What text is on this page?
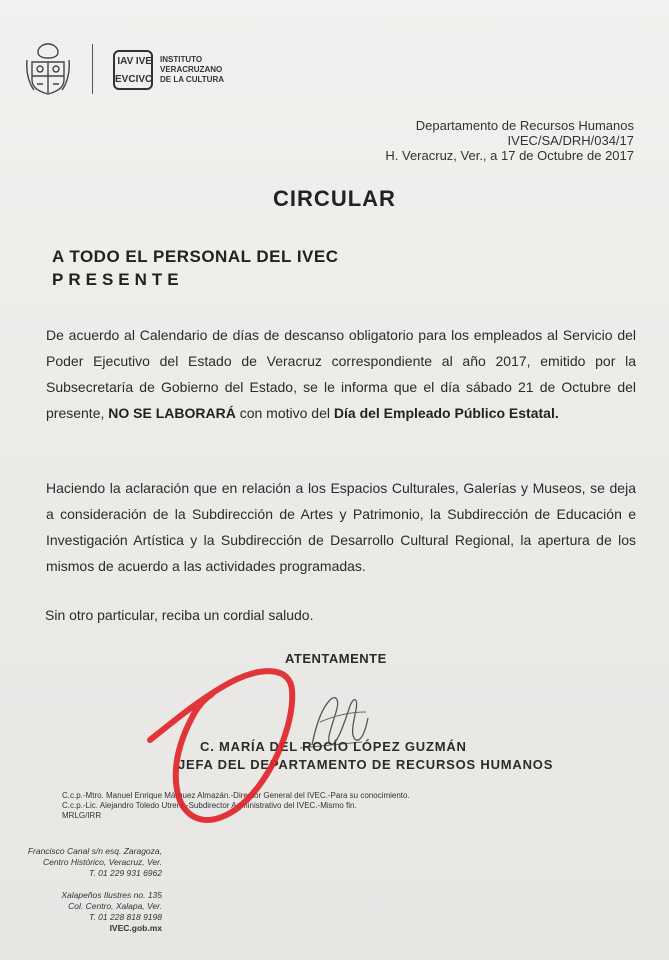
IAV IVE
EVC IVC
INSTITUTO
VERACRUZANO
DE LA CULTURA
Departamento de Recursos Humanos
IVEC/SA/DRH/034/17
H. Veracruz, Ver., a 17 de Octubre de 2017
CIRCULAR
A TODO EL PERSONAL DEL IVEC
PRESENTE
De acuerdo al Calendario de días de descanso obligatorio para los empleados al Servicio del Poder Ejecutivo del Estado de Veracruz correspondiente al año 2017, emitido por la Subsecretaría de Gobierno del Estado, se le informa que el día sábado 21 de Octubre del presente, NO SE LABORARÁ con motivo del Día del Empleado Público Estatal.
Haciendo la aclaración que en relación a los Espacios Culturales, Galerías y Museos, se deja a consideración de la Subdirección de Artes y Patrimonio, la Subdirección de Educación e Investigación Artística y la Subdirección de Desarrollo Cultural Regional, la apertura de los mismos de acuerdo a las actividades programadas.
Sin otro particular, reciba un cordial saludo.
ATENTAMENTE
C. MARÍA DEL ROCÍO LÓPEZ GUZMÁN
JEFA DEL DEPARTAMENTO DE RECURSOS HUMANOS
C.c.p.-Mtro. Manuel Enrique Márquez Almazán.-Director General del IVEC.-Para su conocimiento.
C.c.p.-Lic. Alejandro Toledo Utrera.-Subdirector Administrativo del IVEC.-Mismo fin.
MRLG/IRR
Francisco Canal s/n esq. Zaragoza,
Centro Histórico, Veracruz, Ver.
T. 01 229 931 6962
Xalapeños Ilustres no. 135
Col. Centro, Xalapa, Ver.
T. 01 228 818 9198
IVEC.gob.mx
